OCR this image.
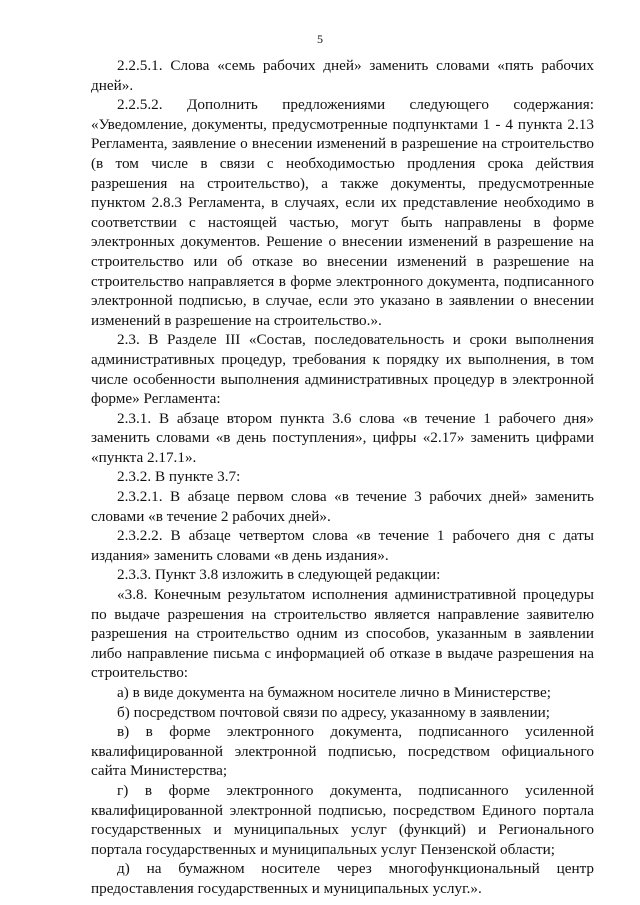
5

2.2.5.1. Слова «семь рабочих дней» заменить словами «пять рабочих дней».

2.2.5.2. Дополнить предложениями следующего содержания: «Уведомление, документы, предусмотренные подпунктами 1 - 4 пункта 2.13 Регламента, заявление о внесении изменений в разрешение на строительство (в том числе в связи с необходимостью продления срока действия разрешения на строительство), а также документы, предусмотренные пунктом 2.8.3 Регламента, в случаях, если их представление необходимо в соответствии с настоящей частью, могут быть направлены в форме электронных документов. Решение о внесении изменений в разрешение на строительство или об отказе во внесении изменений в разрешение на строительство направляется в форме электронного документа, подписанного электронной подписью, в случае, если это указано в заявлении о внесении изменений в разрешение на строительство.».

2.3. В Разделе III «Состав, последовательность и сроки выполнения административных процедур, требования к порядку их выполнения, в том числе особенности выполнения административных процедур в электронной форме» Регламента:

2.3.1. В абзаце втором пункта 3.6 слова «в течение 1 рабочего дня» заменить словами «в день поступления», цифры «2.17» заменить цифрами «пункта 2.17.1».

2.3.2. В пункте 3.7:

2.3.2.1. В абзаце первом слова «в течение 3 рабочих дней» заменить словами «в течение 2 рабочих дней».

2.3.2.2. В абзаце четвертом слова «в течение 1 рабочего дня с даты издания» заменить словами «в день издания».

2.3.3. Пункт 3.8 изложить в следующей редакции:

«3.8. Конечным результатом исполнения административной процедуры по выдаче разрешения на строительство является направление заявителю разрешения на строительство одним из способов, указанным в заявлении либо направление письма с информацией об отказе в выдаче разрешения на строительство:

а) в виде документа на бумажном носителе лично в Министерстве;

б) посредством почтовой связи по адресу, указанному в заявлении;

в) в форме электронного документа, подписанного усиленной квалифицированной электронной подписью, посредством официального сайта Министерства;

г) в форме электронного документа, подписанного усиленной квалифицированной электронной подписью, посредством Единого портала государственных и муниципальных услуг (функций) и Регионального портала государственных и муниципальных услуг Пензенской области;

д) на бумажном носителе через многофункциональный центр предоставления государственных и муниципальных услуг.».
